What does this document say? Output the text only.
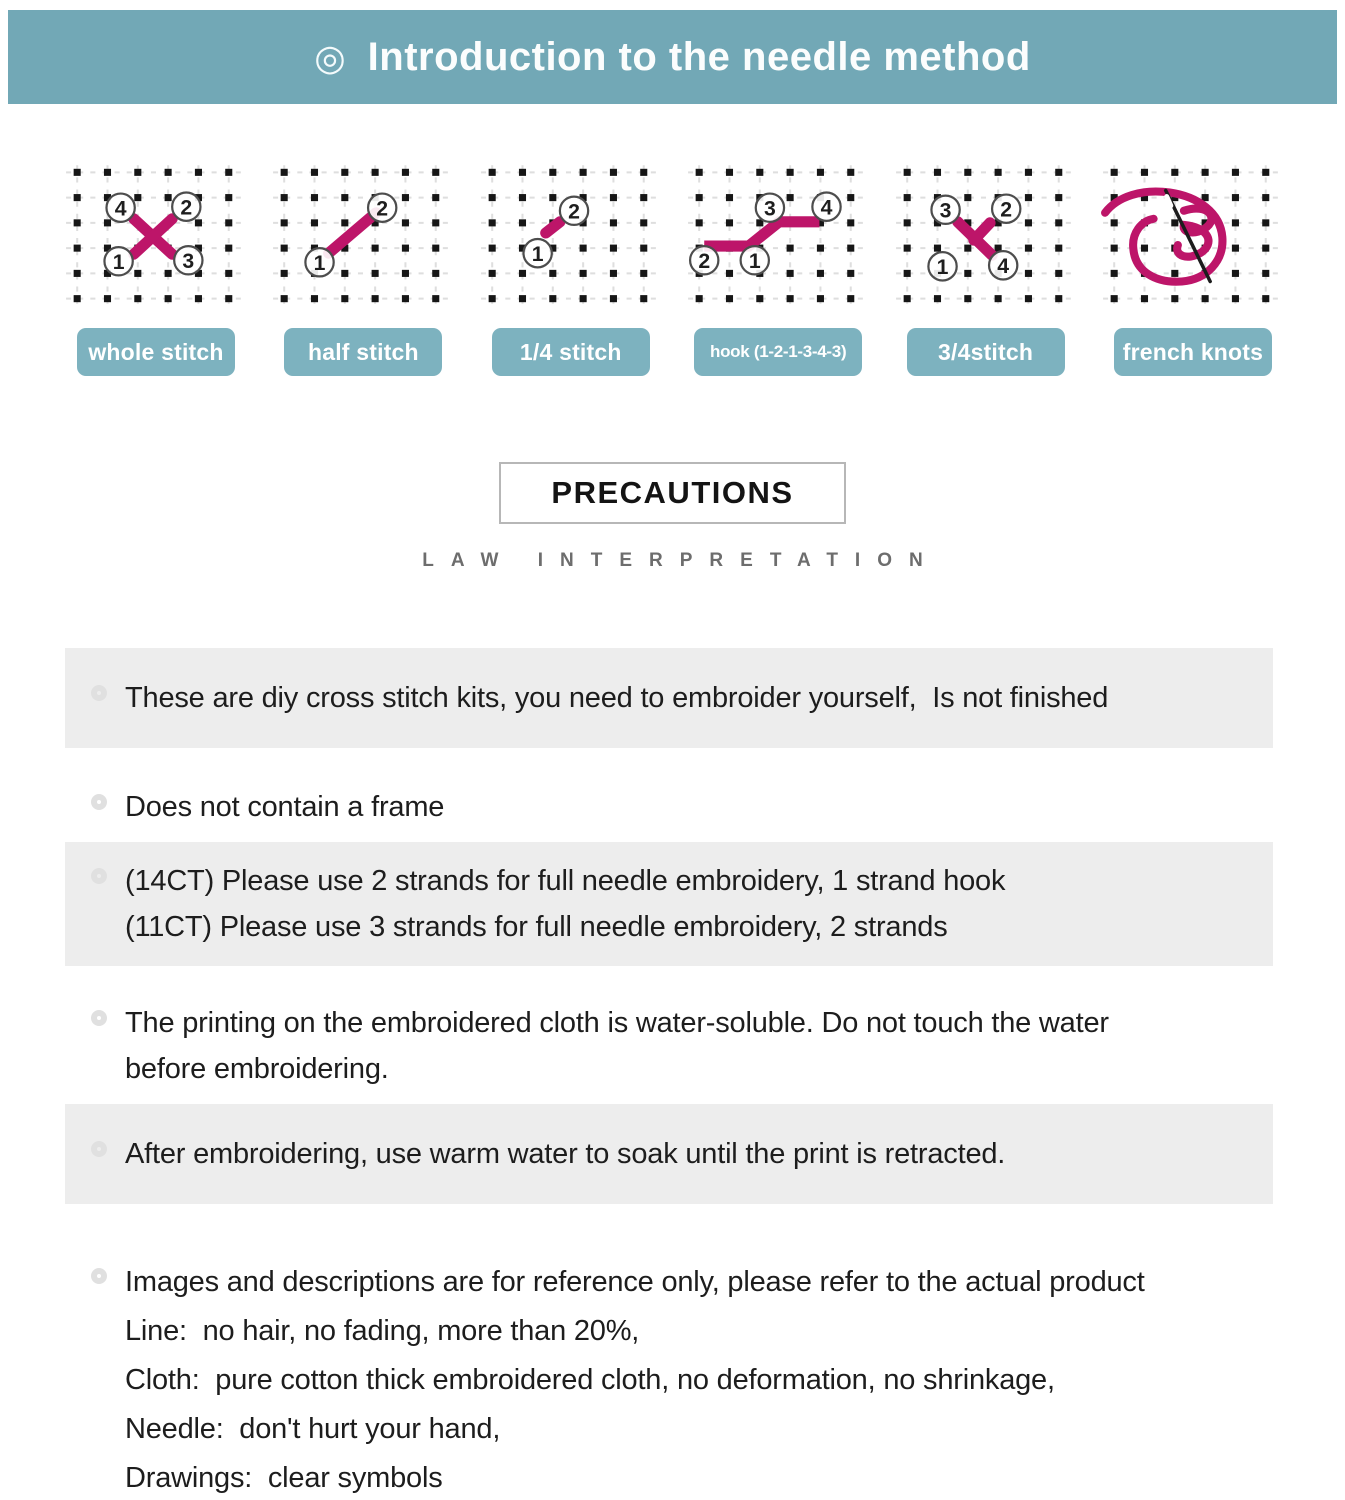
◎ Introduction to the needle method
4	2
1	3
whole stitch
1
2
half stitch
1
2
1/4 stitch
2 1
3 4
hook (1-2-1-3-4-3)
3 2
1 4
3/4stitch	french knots
PRECAUTIONS
LAW INTERPRETATION

These are diy cross stitch kits, you need to embroider yourself,  Is not finished

Does not contain a frame

(14CT) Please use 2 strands for full needle embroidery, 1 strand hook

(11CT) Please use 3 strands for full needle embroidery, 2 strands

The printing on the embroidered cloth is water-soluble. Do not touch the water

before embroidering.

After embroidering, use warm water to soak until the print is retracted.

Images and descriptions are for reference only, please refer to the actual product

Line:  no hair, no fading, more than 20%,

Cloth:  pure cotton thick embroidered cloth, no deformation, no shrinkage,

Needle:  don't hurt your hand,

Drawings:  clear symbols
